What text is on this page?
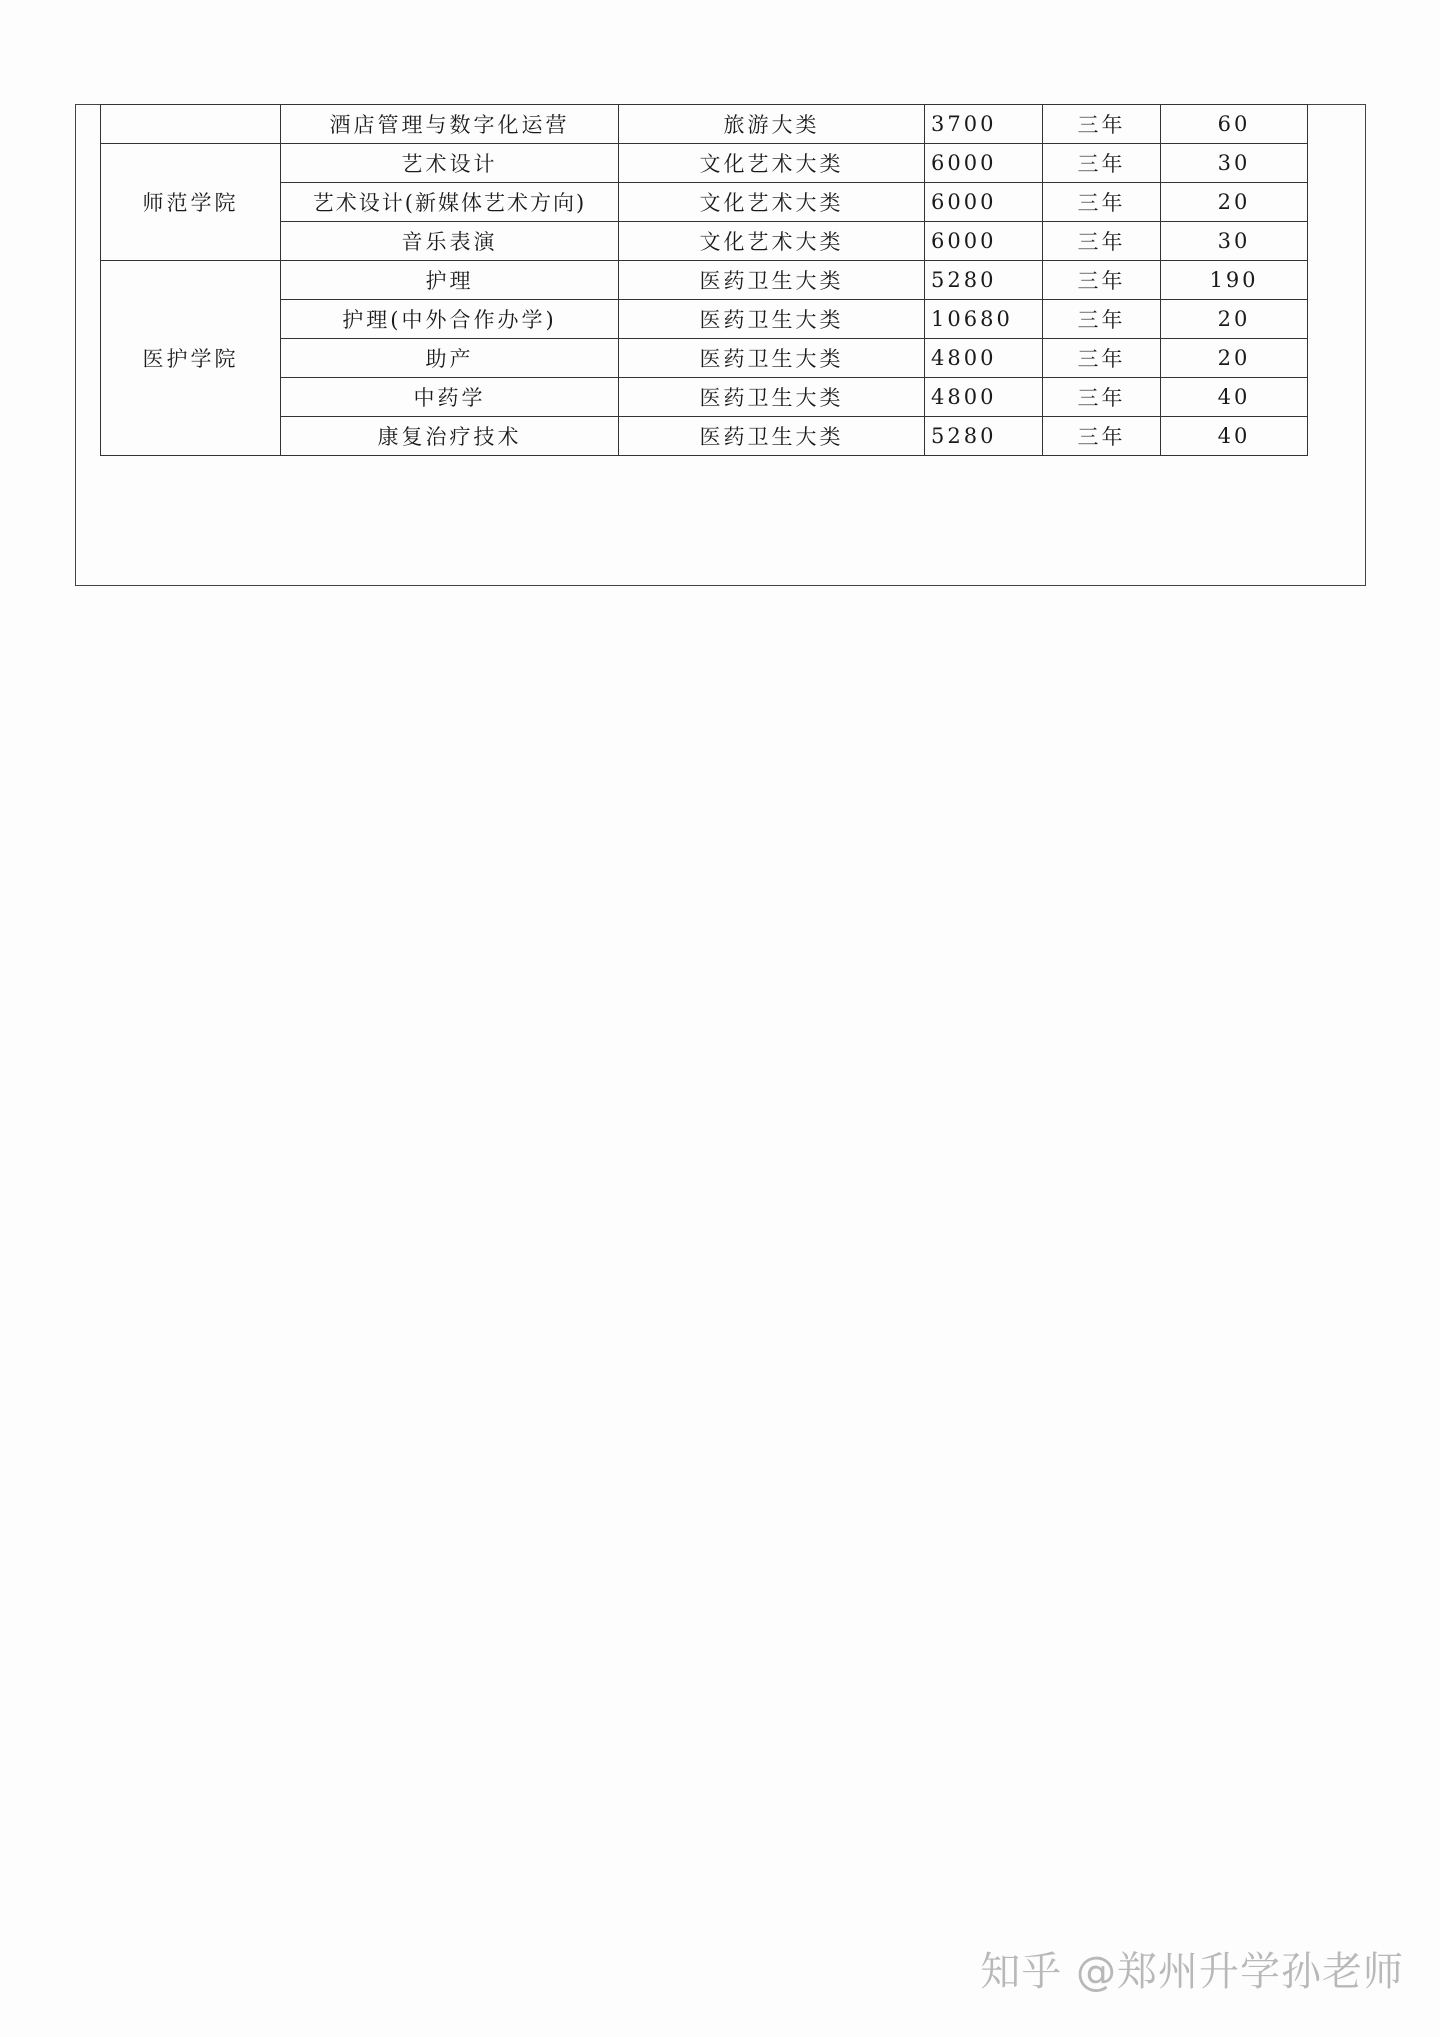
	酒店管理与数字化运营	旅游大类	3700	三年	60
师范学院	艺术设计	文化艺术大类	6000	三年	30
	艺术设计(新媒体艺术方向)	文化艺术大类	6000	三年	20
	音乐表演	文化艺术大类	6000	三年	30
医护学院	护理	医药卫生大类	5280	三年	190
	护理(中外合作办学)	医药卫生大类	10680	三年	20
	助产	医药卫生大类	4800	三年	20
	中药学	医药卫生大类	4800	三年	40
	康复治疗技术	医药卫生大类	5280	三年	40
知乎 @郑州升学孙老师
